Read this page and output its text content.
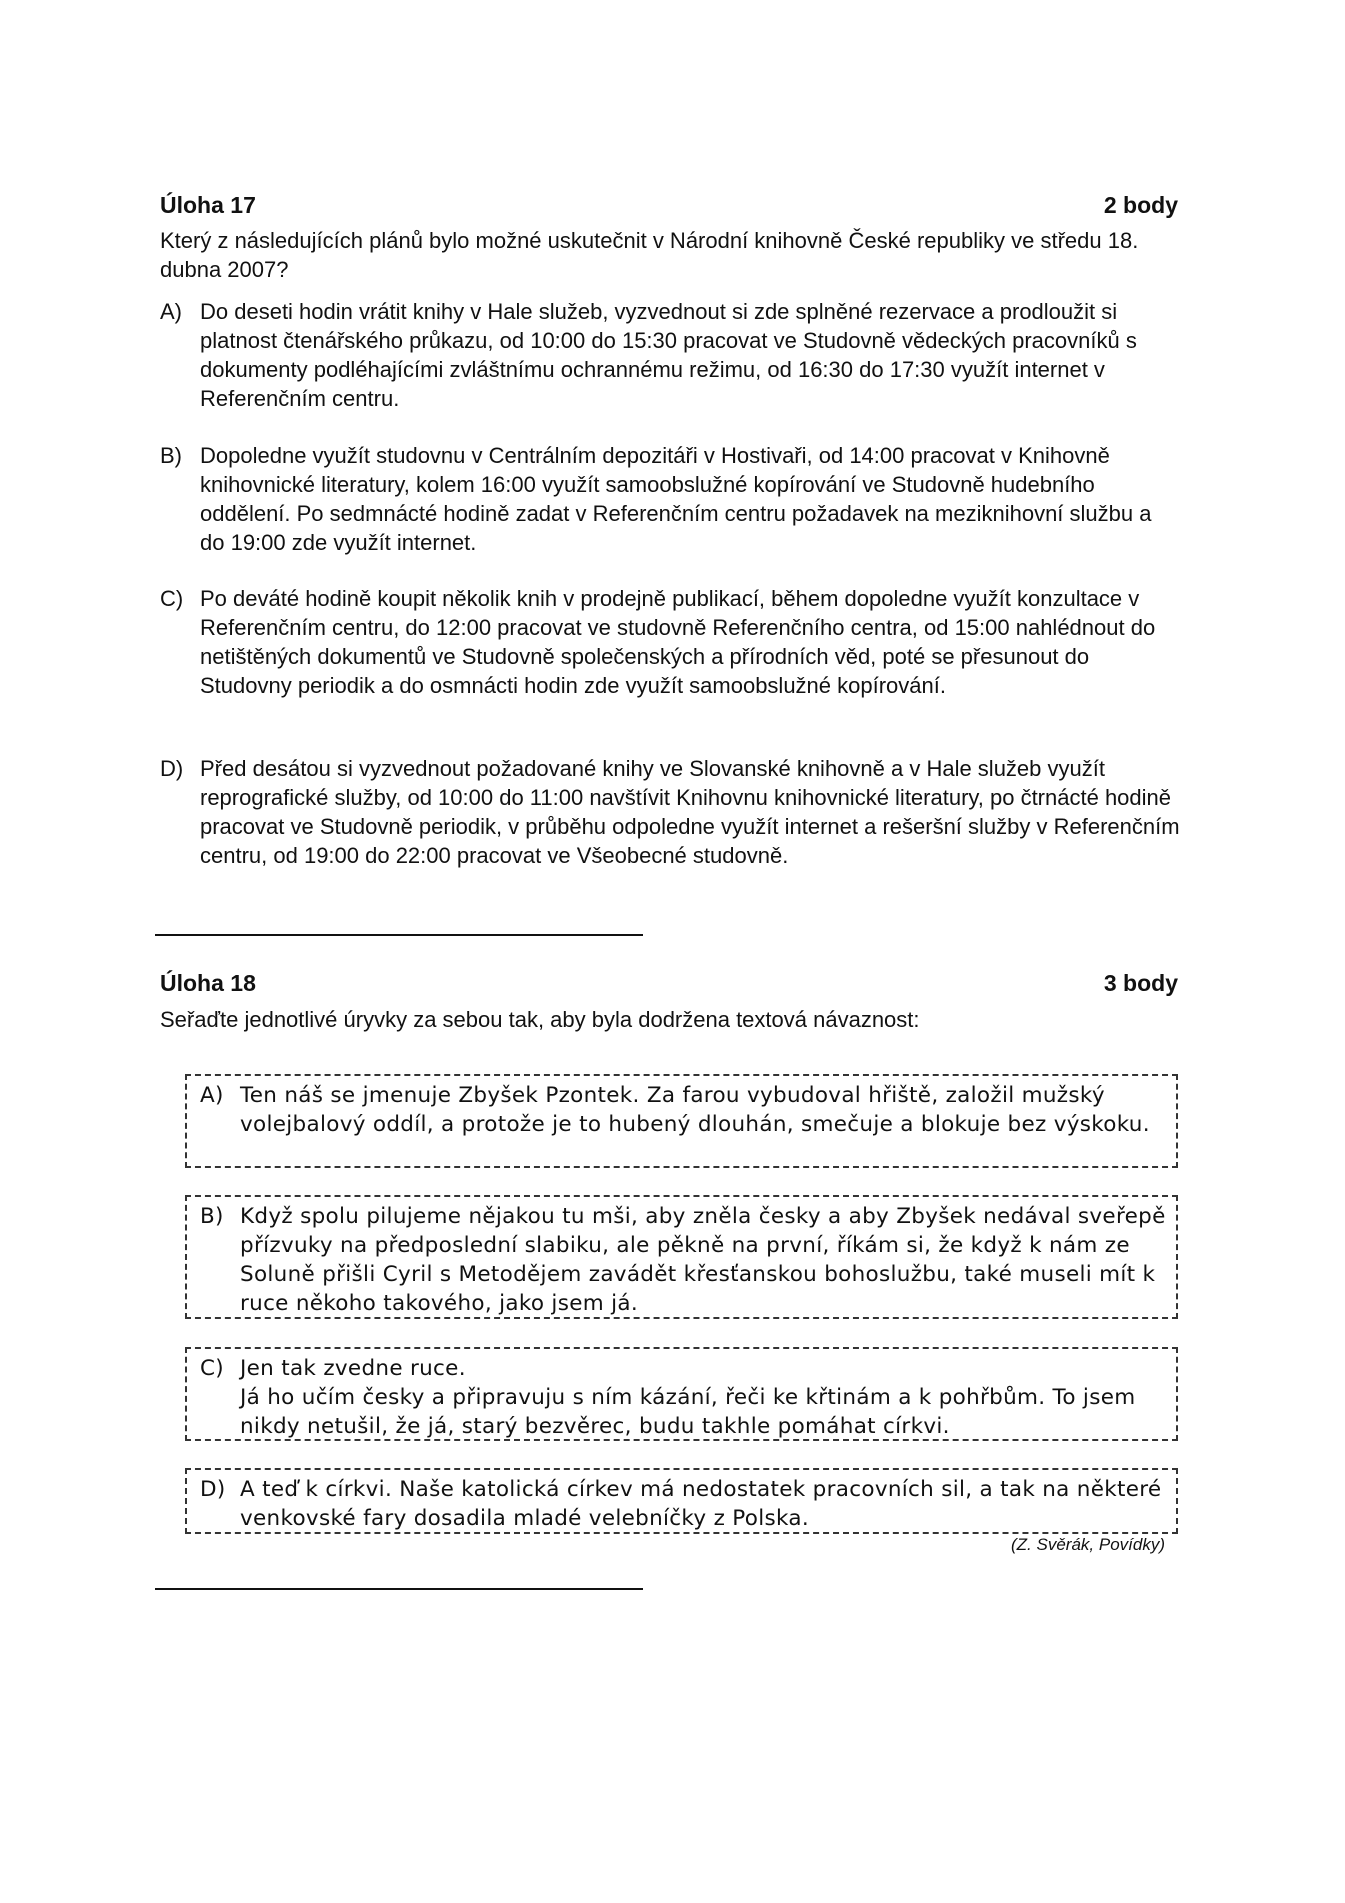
Úloha 17	2 body
Který z následujících plánů bylo možné uskutečnit v Národní knihovně České republiky ve středu 18. dubna 2007?
A) Do deseti hodin vrátit knihy v Hale služeb, vyzvednout si zde splněné rezervace a prodloužit si platnost čtenářského průkazu, od 10:00 do 15:30 pracovat ve Studovně vědeckých pracovníků s dokumenty podléhajícími zvláštnímu ochrannému režimu, od 16:30 do 17:30 využít internet v Referenčním centru.
B) Dopoledne využít studovnu v Centrálním depozitáři v Hostivaři, od 14:00 pracovat v Knihovně knihovnické literatury, kolem 16:00 využít samoobslužné kopírování ve Studovně hudebního oddělení. Po sedmnácté hodině zadat v Referenčním centru požadavek na meziknihovní službu a do 19:00 zde využít internet.
C) Po deváté hodině koupit několik knih v prodejně publikací, během dopoledne využít konzultace v Referenčním centru, do 12:00 pracovat ve studovně Referenčního centra, od 15:00 nahlédnout do netištěných dokumentů ve Studovně společenských a přírodních věd, poté se přesunout do Studovny periodik a do osmnácti hodin zde využít samoobslužné kopírování.
D) Před desátou si vyzvednout požadované knihy ve Slovanské knihovně a v Hale služeb využít reprografické služby, od 10:00 do 11:00 navštívit Knihovnu knihovnické literatury, po čtrnácté hodině pracovat ve Studovně periodik, v průběhu odpoledne využít internet a rešeršní služby v Referenčním centru, od 19:00 do 22:00 pracovat ve Všeobecné studovně.
Úloha 18	3 body
Seřaďte jednotlivé úryvky za sebou tak, aby byla dodržena textová návaznost:
A) Ten náš se jmenuje Zbyšek Pzontek. Za farou vybudoval hřiště, založil mužský volejbalový oddíl, a protože je to hubený dlouhán, smečuje a blokuje bez výskoku.
B) Když spolu pilujeme nějakou tu mši, aby zněla česky a aby Zbyšek nedával sveřepě přízvuky na předposlední slabiku, ale pěkně na první, říkám si, že když k nám ze Soluně přišli Cyril s Metodějem zavádět křesťanskou bohoslužbu, také museli mít k ruce někoho takového, jako jsem já.
C) Jen tak zvedne ruce.
Já ho učím česky a připravuju s ním kázání, řeči ke křtinám a k pohřbům. To jsem nikdy netušil, že já, starý bezvěrec, budu takhle pomáhat církvi.
D) A teď k církvi. Naše katolická církev má nedostatek pracovních sil, a tak na některé venkovské fary dosadila mladé velebníčky z Polska.
(Z. Svěrák, Povídky)
